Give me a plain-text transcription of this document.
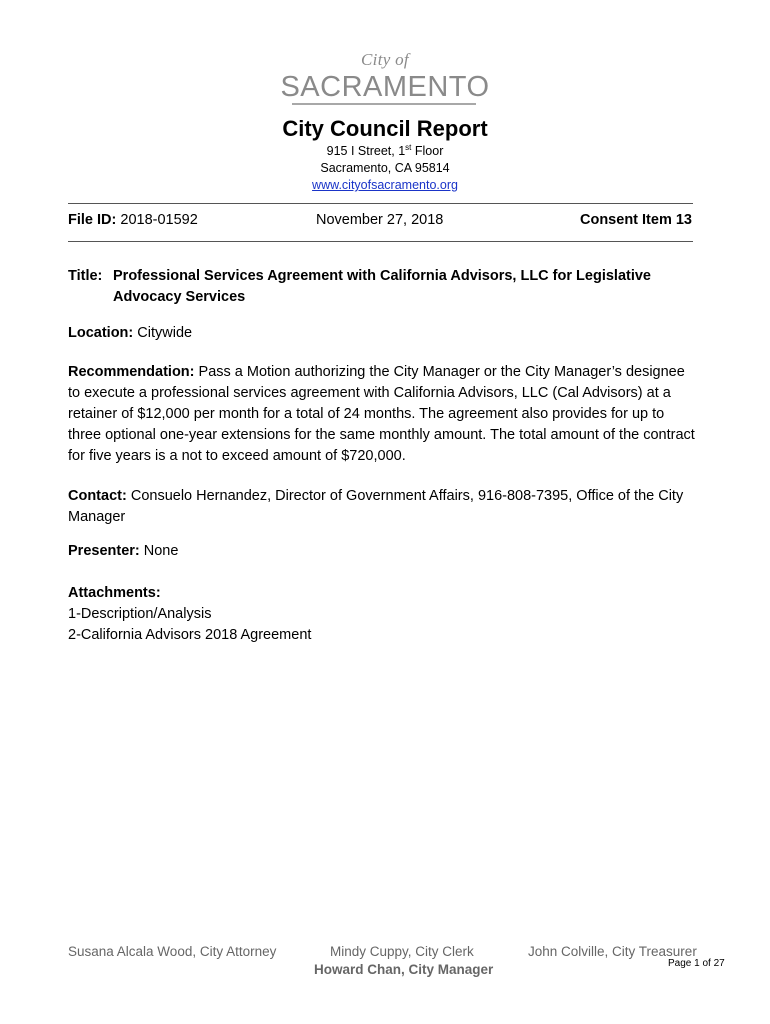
City of
SACRAMENTO
City Council Report
915 I Street, 1st Floor
Sacramento, CA 95814
www.cityofsacramento.org
File ID: 2018-01592	November 27, 2018	Consent Item 13
Title: Professional Services Agreement with California Advisors, LLC for Legislative Advocacy Services
Location: Citywide
Recommendation: Pass a Motion authorizing the City Manager or the City Manager’s designee to execute a professional services agreement with California Advisors, LLC (Cal Advisors) at a retainer of $12,000 per month for a total of 24 months. The agreement also provides for up to three optional one-year extensions for the same monthly amount. The total amount of the contract for five years is a not to exceed amount of $720,000.
Contact: Consuelo Hernandez, Director of Government Affairs, 916-808-7395, Office of the City Manager
Presenter: None
Attachments:
1-Description/Analysis
2-California Advisors 2018 Agreement
Susana Alcala Wood, City Attorney	Mindy Cuppy, City Clerk	John Colville, City Treasurer
Howard Chan, City Manager	Page 1 of 27
